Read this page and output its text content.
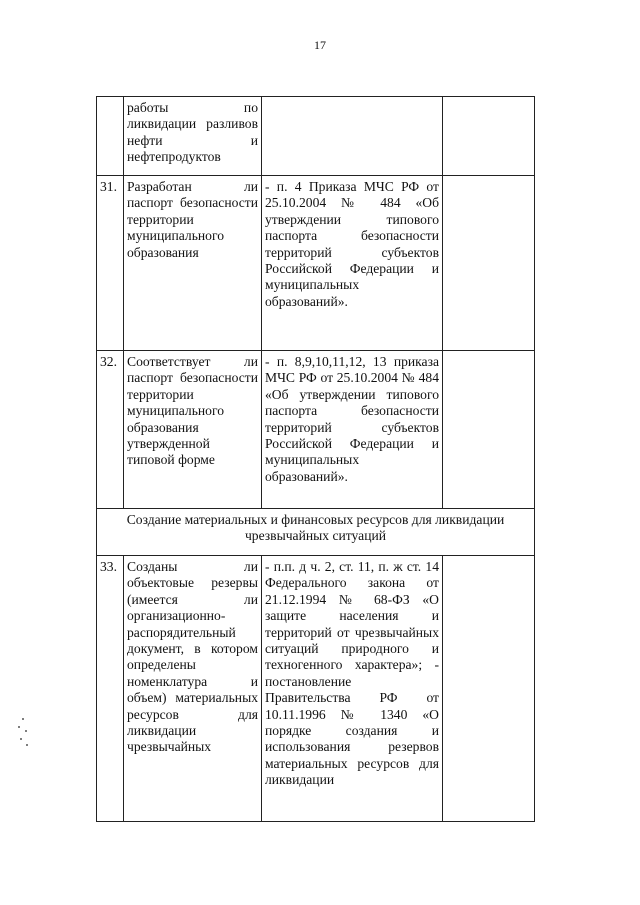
17
	работы по ликвидации разливов нефти и нефтепродуктов		
31.	Разработан ли паспорт безопасности территории муниципального образования	- п. 4 Приказа МЧС РФ от 25.10.2004 № 484 «Об утверждении типового паспорта безопасности территорий субъектов Российской Федерации и муниципальных образований».	
32.	Соответствует ли паспорт безопасности территории муниципального образования утвержденной типовой форме	- п. 8,9,10,11,12, 13 приказа МЧС РФ от 25.10.2004 № 484 «Об утверждении типового паспорта безопасности территорий субъектов Российской Федерации и муниципальных образований».	
Создание материальных и финансовых ресурсов для ликвидации чрезвычайных ситуаций			
33.	Созданы ли объектовые резервы (имеется ли организационно-распорядительный документ, в котором определены номенклатура и объем) материальных ресурсов для ликвидации чрезвычайных	- п.п. д ч. 2, ст. 11, п. ж ст. 14 Федерального закона от 21.12.1994 № 68-ФЗ «О защите населения и территорий от чрезвычайных ситуаций природного и техногенного характера»; - постановление Правительства РФ от 10.11.1996 № 1340 «О порядке создания и использования резервов материальных ресурсов для ликвидации	
